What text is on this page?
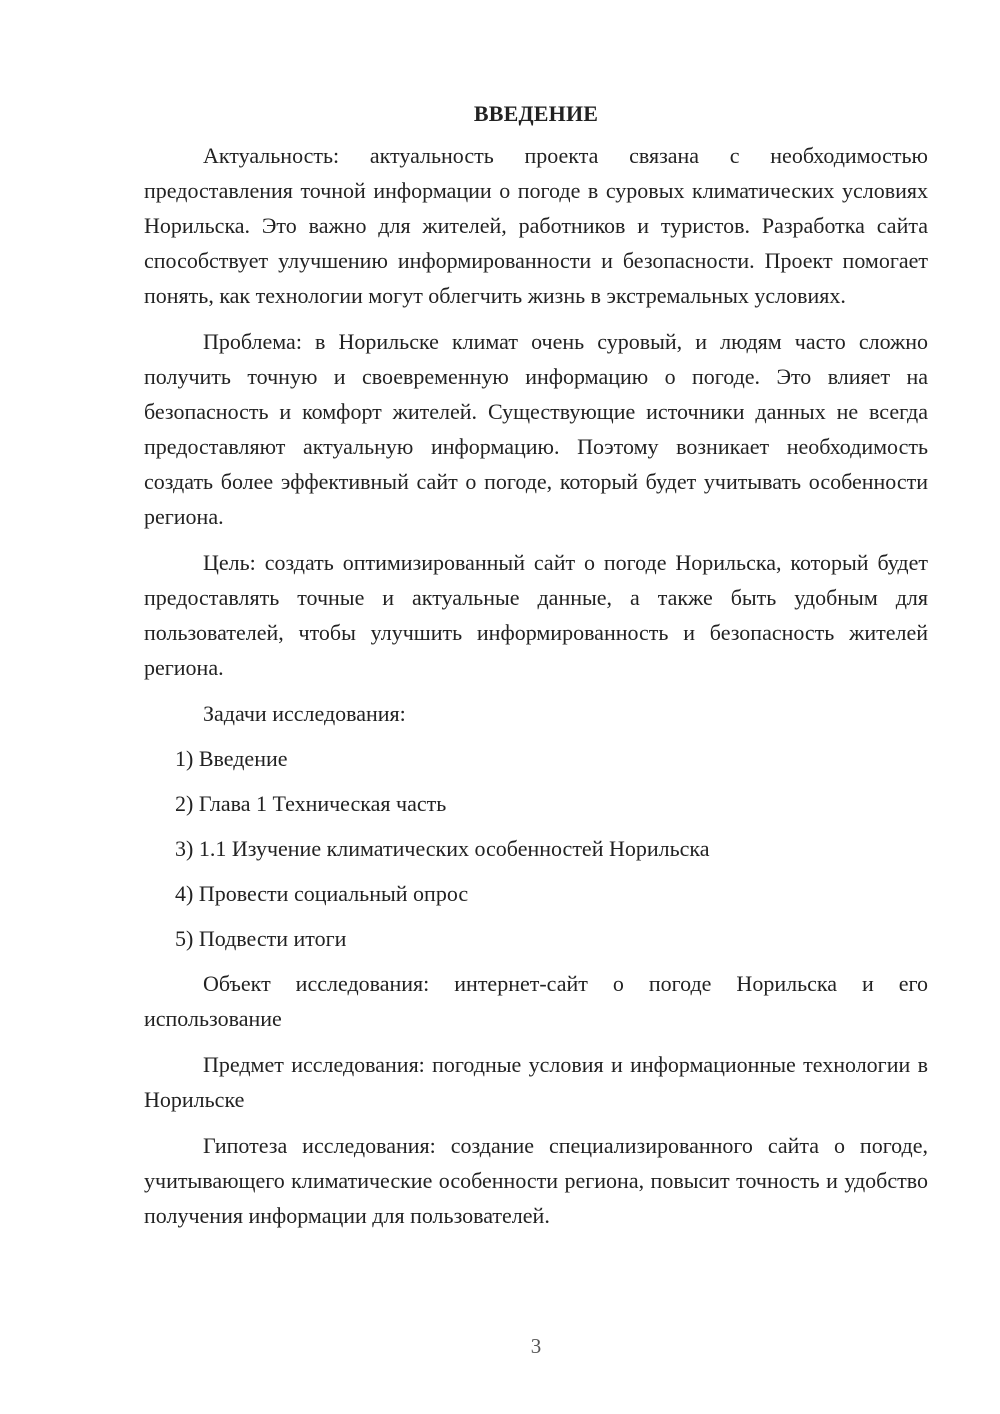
ВВЕДЕНИЕ

Актуальность: актуальность проекта связана с необходимостью предоставления точной информации о погоде в суровых климатических условиях Норильска. Это важно для жителей, работников и туристов. Разработка сайта способствует улучшению информированности и безопасности. Проект помогает понять, как технологии могут облегчить жизнь в экстремальных условиях.

Проблема: в Норильске климат очень суровый, и людям часто сложно получить точную и своевременную информацию о погоде. Это влияет на безопасность и комфорт жителей. Существующие источники данных не всегда предоставляют актуальную информацию. Поэтому возникает необходимость создать более эффективный сайт о погоде, который будет учитывать особенности региона.

Цель: создать оптимизированный сайт о погоде Норильска, который будет предоставлять точные и актуальные данные, а также быть удобным для пользователей, чтобы улучшить информированность и безопасность жителей региона.

Задачи исследования:
1) Введение
2) Глава 1 Техническая часть
3) 1.1 Изучение климатических особенностей Норильска
4) Провести социальный опрос
5) Подвести итоги

Объект исследования: интернет-сайт о погоде Норильска и его использование

Предмет исследования: погодные условия и информационные технологии в Норильске

Гипотеза исследования: создание специализированного сайта о погоде, учитывающего климатические особенности региона, повысит точность и удобство получения информации для пользователей.

3
